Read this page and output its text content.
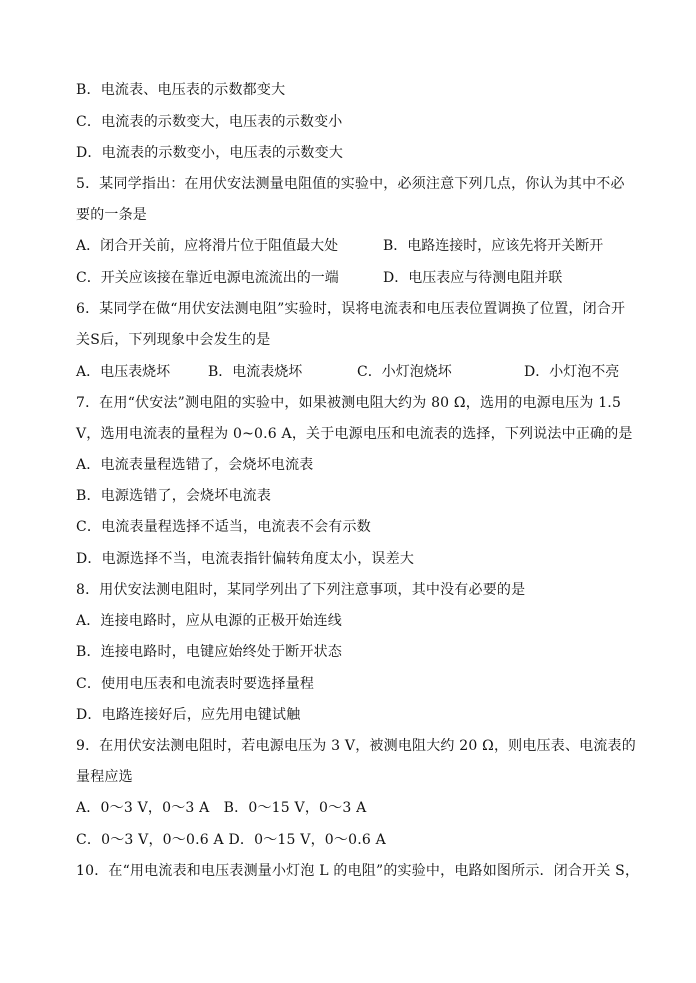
B．电流表、电压表的示数都变大
C．电流表的示数变大，电压表的示数变小
D．电流表的示数变小，电压表的示数变大
5．某同学指出：在用伏安法测量电阻值的实验中，必须注意下列几点，你认为其中不必
要的一条是
A．闭合开关前，应将滑片位于阻值最大处	B．电路连接时，应该先将开关断开
C．开关应该接在靠近电源电流流出的一端	D．电压表应与待测电阻并联
6．某同学在做“用伏安法测电阻”实验时，误将电流表和电压表位置调换了位置，闭合开
关S后，下列现象中会发生的是
A．电压表烧坏	B．电流表烧坏	C．小灯泡烧坏	D．小灯泡不亮
7．在用“伏安法”测电阻的实验中，如果被测电阻大约为 80 Ω，选用的电源电压为 1.5
V，选用电流表的量程为 0~0.6 A，关于电源电压和电流表的选择，下列说法中正确的是
A．电流表量程选错了，会烧坏电流表
B．电源选错了，会烧坏电流表
C．电流表量程选择不适当，电流表不会有示数
D．电源选择不当，电流表指针偏转角度太小，误差大
8．用伏安法测电阻时，某同学列出了下列注意事项，其中没有必要的是
A．连接电路时，应从电源的正极开始连线
B．连接电路时，电键应始终处于断开状态
C．使用电压表和电流表时要选择量程
D．电路连接好后，应先用电键试触
9．在用伏安法测电阻时，若电源电压为 3 V，被测电阻大约 20 Ω，则电压表、电流表的
量程应选
A．0～3 V，0～3 A　B．0～15 V，0～3 A
C．0～3 V，0～0.6 A D．0～15 V，0～0.6 A
10．在“用电流表和电压表测量小灯泡 L 的电阻”的实验中，电路如图所示．闭合开关 S，
